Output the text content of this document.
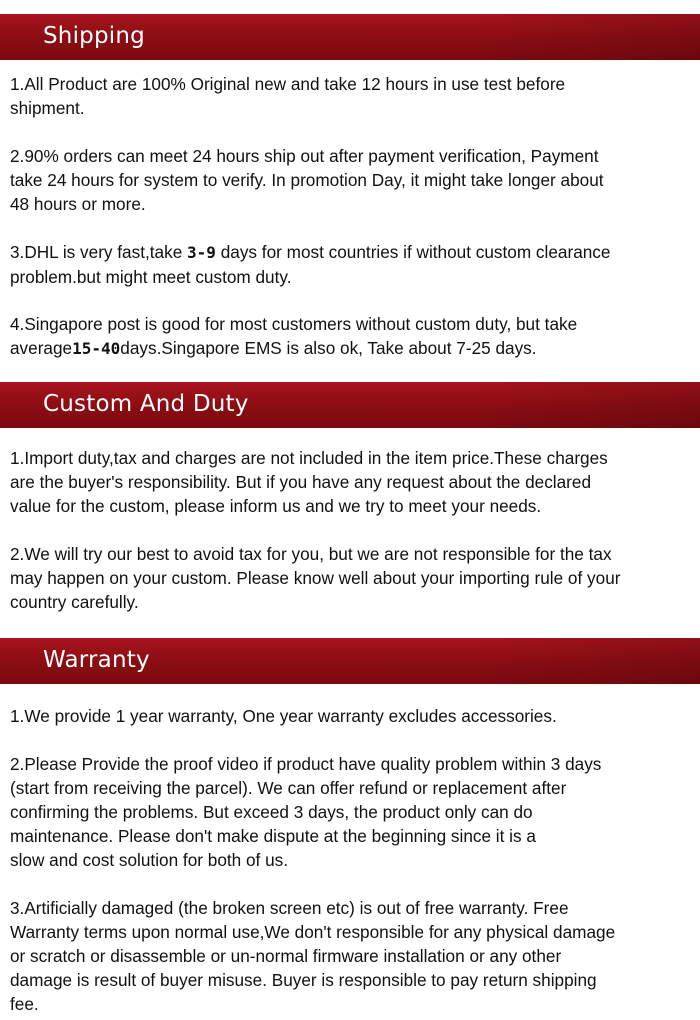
Shipping

1.All Product are 100% Original new and take 12 hours in use test before
shipment.

2.90% orders can meet 24 hours ship out after payment verification, Payment
take 24 hours for system to verify. In promotion Day, it might take longer about
48 hours or more.

3.DHL is very fast,take 3-9 days for most countries if without custom clearance
problem.but might meet custom duty.

4.Singapore post is good for most customers without custom duty, but take
average15-40days.Singapore EMS is also ok, Take about 7-25 days.

Custom And Duty

1.Import duty,tax and charges are not included in the item price.These charges
are the buyer's responsibility. But if you have any request about the declared
value for the custom, please inform us and we try to meet your needs.

2.We will try our best to avoid tax for you, but we are not responsible for the tax
may happen on your custom. Please know well about your importing rule of your
country carefully.

Warranty

1.We provide 1 year warranty, One year warranty excludes accessories.

2.Please Provide the proof video if product have quality problem within 3 days
(start from receiving the parcel). We can offer refund or replacement after
confirming the problems. But exceed 3 days, the product only can do
maintenance. Please don't make dispute at the beginning since it is a
slow and cost solution for both of us.

3.Artificially damaged (the broken screen etc) is out of free warranty. Free
Warranty terms upon normal use,We don't responsible for any physical damage
or scratch or disassemble or un-normal firmware installation or any other
damage is result of buyer misuse. Buyer is responsible to pay return shipping
fee.
